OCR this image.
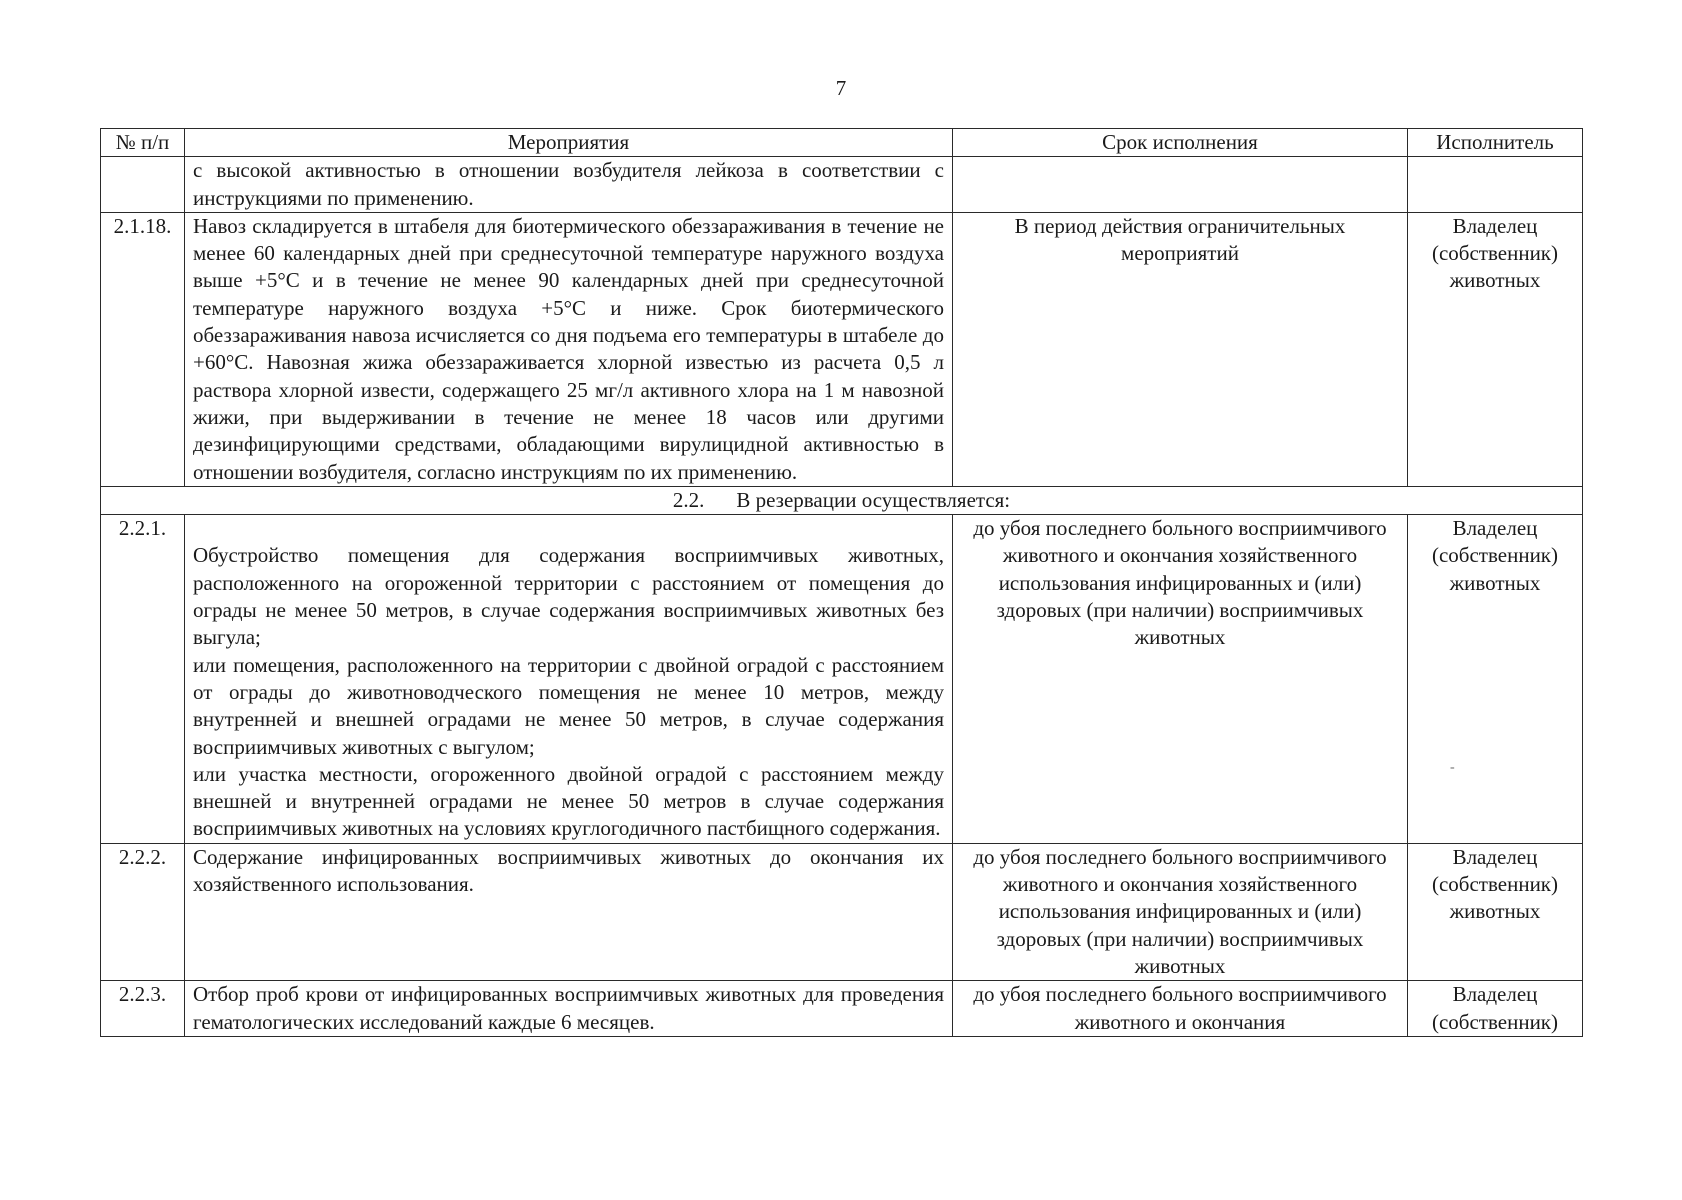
7
№ п/п	Мероприятия	Срок исполнения	Исполнитель
	с высокой активностью в отношении возбудителя лейкоза в соответствии с инструкциями по применению.		
2.1.18.	Навоз складируется в штабеля для биотермического обеззараживания в течение не менее 60 календарных дней при среднесуточной температуре наружного воздуха выше +5°С и в течение не менее 90 календарных дней при среднесуточной температуре наружного воздуха +5°С и ниже. Срок биотермического обеззараживания навоза исчисляется со дня подъема его температуры в штабеле до +60°С. Навозная жижа обеззараживается хлорной известью из расчета 0,5 л раствора хлорной извести, содержащего 25 мг/л активного хлора на 1 м навозной жижи, при выдерживании в течение не менее 18 часов или другими дезинфицирующими средствами, обладающими вирулицидной активностью в отношении возбудителя, согласно инструкциям по их применению.	В период действия ограничительных мероприятий	Владелец (собственник) животных
2.2. В резервации осуществляется:			
2.2.1.	Обустройство помещения для содержания восприимчивых животных, расположенного на огороженной территории с расстоянием от помещения до ограды не менее 50 метров, в случае содержания восприимчивых животных без выгула;
или помещения, расположенного на территории с двойной оградой с расстоянием от ограды до животноводческого помещения не менее 10 метров, между внутренней и внешней оградами не менее 50 метров, в случае содержания восприимчивых животных с выгулом;
или участка местности, огороженного двойной оградой с расстоянием между внешней и внутренней оградами не менее 50 метров в случае содержания восприимчивых животных на условиях круглогодичного пастбищного содержания.	до убоя последнего больного восприимчивого животного и окончания хозяйственного использования инфицированных и (или) здоровых (при наличии) восприимчивых животных	Владелец (собственник) животных
2.2.2.	Содержание инфицированных восприимчивых животных до окончания их хозяйственного использования.	до убоя последнего больного восприимчивого животного и окончания хозяйственного использования инфицированных и (или) здоровых (при наличии) восприимчивых животных	Владелец (собственник) животных
2.2.3.	Отбор проб крови от инфицированных восприимчивых животных для проведения гематологических исследований каждые 6 месяцев.	до убоя последнего больного восприимчивого животного и окончания	Владелец (собственник)
-
